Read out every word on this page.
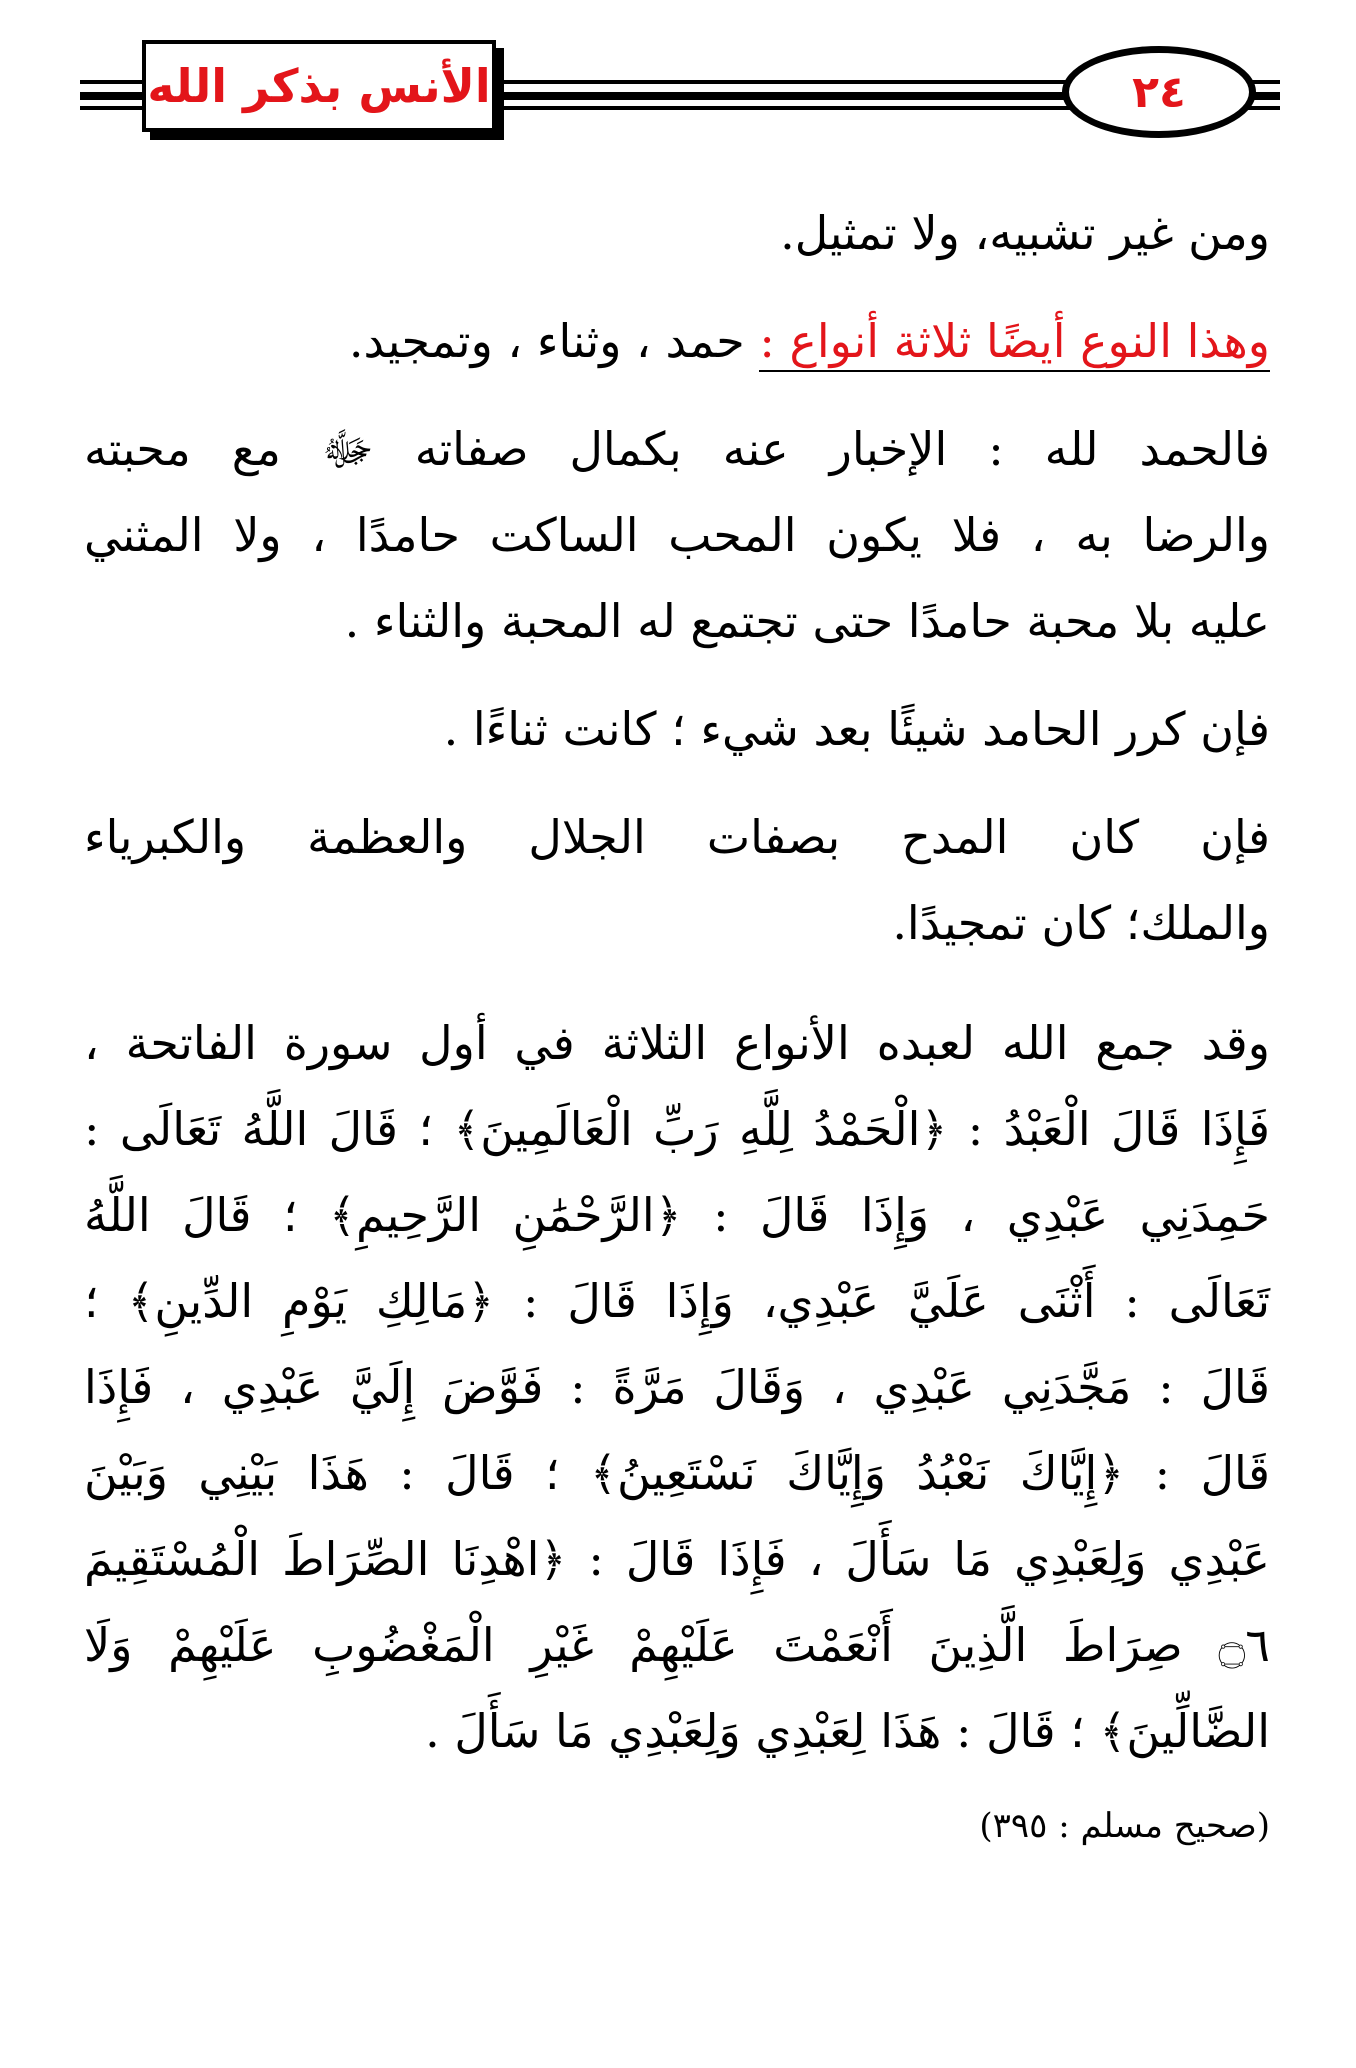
الأنس بذكر الله	٢٤

ومن غير تشبيه، ولا تمثيل.

وهذا النوع أيضًا ثلاثة أنواع : حمد ، وثناء ، وتمجيد.

فالحمد لله : الإخبار عنه بكمال صفاته ﷻ مع محبته

والرضا به ، فلا يكون المحب الساكت حامدًا ، ولا المثني

عليه بلا محبة حامدًا حتى تجتمع له المحبة والثناء .

فإن كرر الحامد شيئًا بعد شيء ؛ كانت ثناءًا .

فإن كان المدح بصفات الجلال والعظمة والكبرياء

والملك؛ كان تمجيدًا.

وقد جمع الله لعبده الأنواع الثلاثة في أول سورة الفاتحة ،

فَإِذَا قَالَ الْعَبْدُ : ﴿الْحَمْدُ لِلَّهِ رَبِّ الْعَالَمِينَ﴾ ؛ قَالَ اللَّهُ تَعَالَى :

حَمِدَنِي عَبْدِي ، وَإِذَا قَالَ : ﴿الرَّحْمَٰنِ الرَّحِيمِ﴾ ؛ قَالَ اللَّهُ

تَعَالَى : أَثْنَى عَلَيَّ عَبْدِي، وَإِذَا قَالَ : ﴿مَالِكِ يَوْمِ الدِّينِ﴾ ؛

قَالَ : مَجَّدَنِي عَبْدِي ، وَقَالَ مَرَّةً : فَوَّضَ إِلَيَّ عَبْدِي ، فَإِذَا

قَالَ : ﴿إِيَّاكَ نَعْبُدُ وَإِيَّاكَ نَسْتَعِينُ﴾ ؛ قَالَ : هَذَا بَيْنِي وَبَيْنَ

عَبْدِي وَلِعَبْدِي مَا سَأَلَ ، فَإِذَا قَالَ : ﴿اهْدِنَا الصِّرَاطَ الْمُسْتَقِيمَ

۝٦ صِرَاطَ الَّذِينَ أَنْعَمْتَ عَلَيْهِمْ غَيْرِ الْمَغْضُوبِ عَلَيْهِمْ وَلَا

الضَّالِّينَ﴾ ؛ قَالَ : هَذَا لِعَبْدِي وَلِعَبْدِي مَا سَأَلَ .

(صحيح مسلم : ٣٩٥)
